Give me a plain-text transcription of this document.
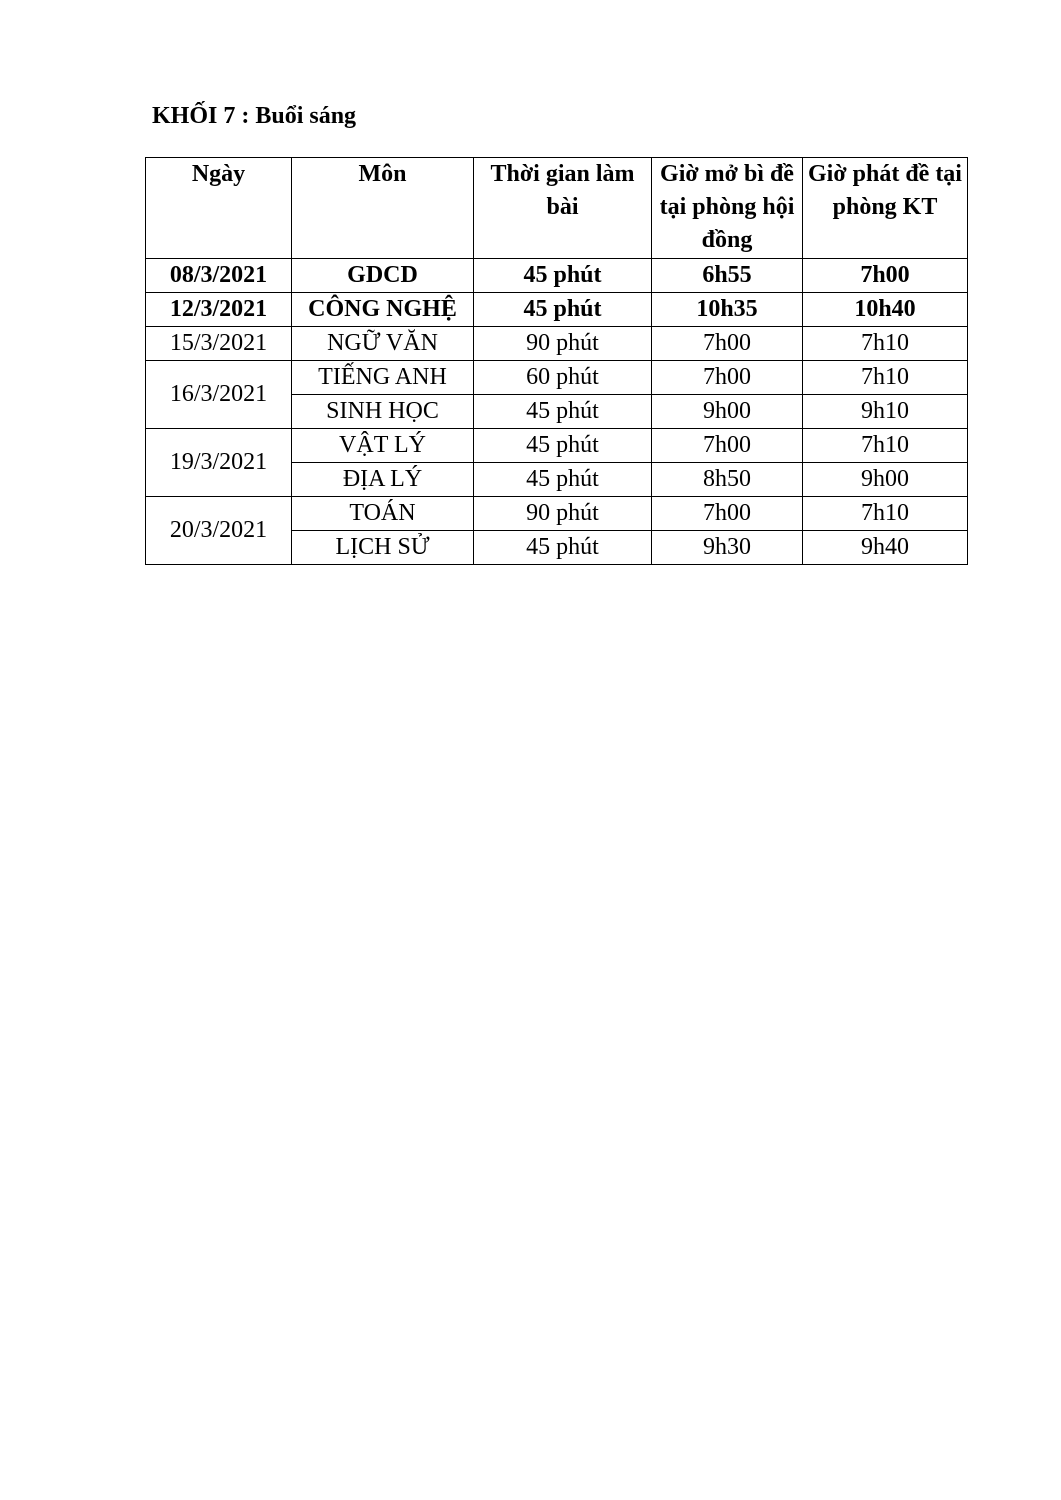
KHỐI 7 : Buổi sáng
Ngày	Môn	Thời gian làm bài	Giờ mở bì đề tại phòng hội đồng	Giờ phát đề tại phòng KT
08/3/2021	GDCD	45 phút	6h55	7h00
12/3/2021	CÔNG NGHỆ	45 phút	10h35	10h40
15/3/2021	NGỮ VĂN	90 phút	7h00	7h10
16/3/2021	TIẾNG ANH	60 phút	7h00	7h10
	SINH HỌC	45 phút	9h00	9h10
19/3/2021	VẬT LÝ	45 phút	7h00	7h10
	ĐỊA LÝ	45 phút	8h50	9h00
20/3/2021	TOÁN	90 phút	7h00	7h10
	LỊCH SỬ	45 phút	9h30	9h40
